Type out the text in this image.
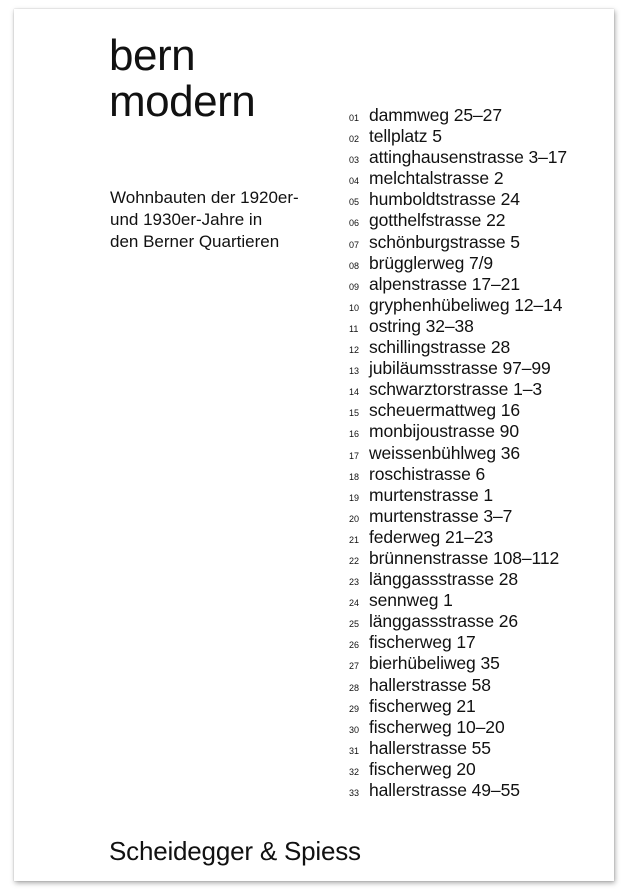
bern
modern

Wohnbauten der 1920er-
und 1930er-Jahre in
den Berner Quartieren

01 dammweg 25–27
02 tellplatz 5
03 attinghausenstrasse 3–17
04 melchtalstrasse 2
05 humboldtstrasse 24
06 gotthelfstrasse 22
07 schönburgstrasse 5
08 brügglerweg 7/9
09 alpenstrasse 17–21
10 gryphenhübeliweg 12–14
11 ostring 32–38
12 schillingstrasse 28
13 jubiläumsstrasse 97–99
14 schwarztorstrasse 1–3
15 scheuermattweg 16
16 monbijoustrasse 90
17 weissenbühlweg 36
18 roschistrasse 6
19 murtenstrasse 1
20 murtenstrasse 3–7
21 federweg 21–23
22 brünnenstrasse 108–112
23 länggassstrasse 28
24 sennweg 1
25 länggassstrasse 26
26 fischerweg 17
27 bierhübeliweg 35
28 hallerstrasse 58
29 fischerweg 21
30 fischerweg 10–20
31 hallerstrasse 55
32 fischerweg 20
33 hallerstrasse 49–55

Scheidegger & Spiess
